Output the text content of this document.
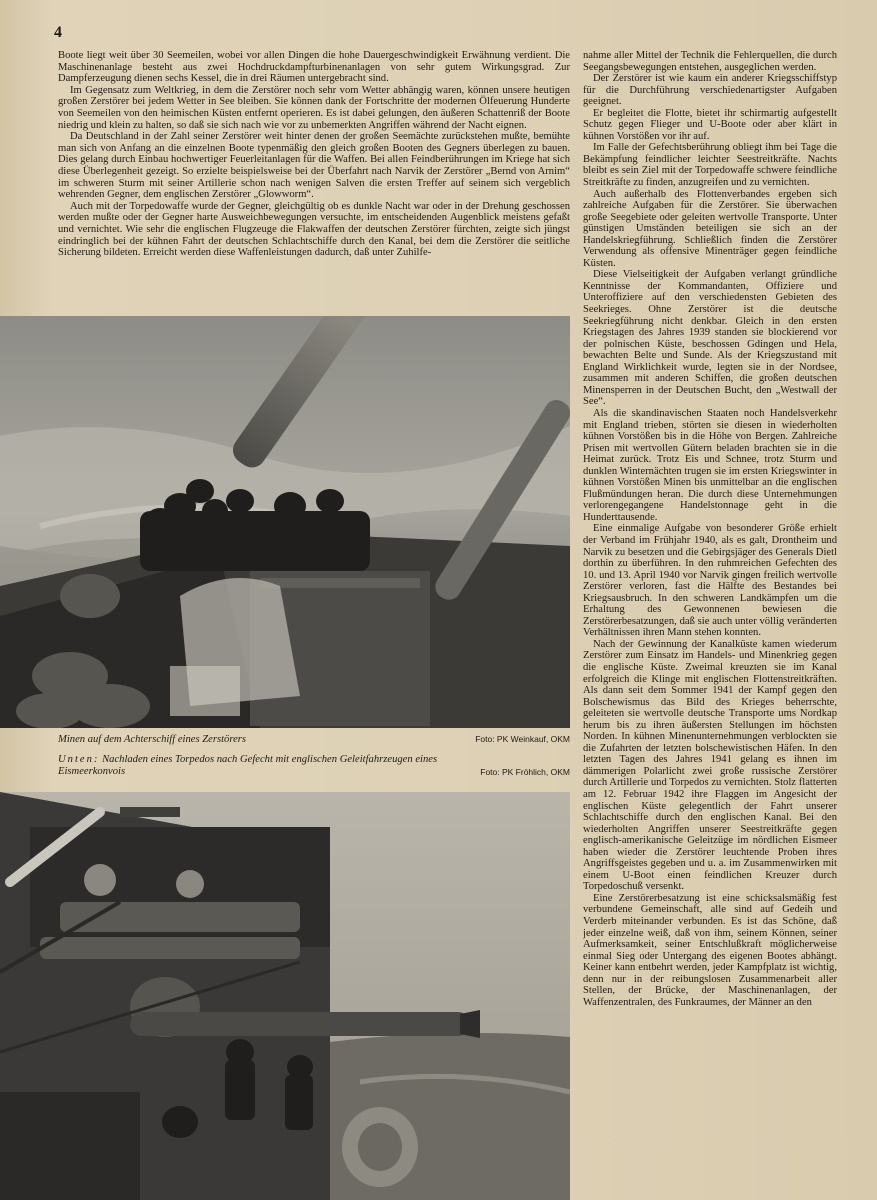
4

Boote liegt weit über 30 Seemeilen, wobei vor allen Dingen die hohe Dauergeschwindigkeit Erwähnung verdient. Die Maschinenanlage besteht aus zwei Hochdruckdampfturbinenanlagen von sehr gutem Wirkungsgrad. Zur Dampferzeugung dienen sechs Kessel, die in drei Räumen untergebracht sind.

Im Gegensatz zum Weltkrieg, in dem die Zerstörer noch sehr vom Wetter abhängig waren, können unsere heutigen großen Zerstörer bei jedem Wetter in See bleiben. Sie können dank der Fortschritte der modernen Ölfeuerung Hunderte von Seemeilen von den heimischen Küsten entfernt operieren. Es ist dabei gelungen, den äußeren Schattenriß der Boote niedrig und klein zu halten, so daß sie sich nach wie vor zu unbemerkten Angriffen während der Nacht eignen.

Da Deutschland in der Zahl seiner Zerstörer weit hinter denen der großen Seemächte zurückstehen mußte, bemühte man sich von Anfang an die einzelnen Boote typenmäßig den gleich großen Booten des Gegners überlegen zu bauen. Dies gelang durch Einbau hochwertiger Feuerleitanlagen für die Waffen. Bei allen Feindberührungen im Kriege hat sich diese Überlegenheit gezeigt. So erzielte beispielsweise bei der Überfahrt nach Narvik der Zerstörer „Bernd von Arnim“ im schweren Sturm mit seiner Artillerie schon nach wenigen Salven die ersten Treffer auf seinem sich vergeblich wehrenden Gegner, dem englischen Zerstörer „Glowworm“.

Auch mit der Torpedowaffe wurde der Gegner, gleichgültig ob es dunkle Nacht war oder in der Drehung geschossen werden mußte oder der Gegner harte Ausweichbewegungen versuchte, im entscheidenden Augenblick meistens gefaßt und vernichtet. Wie sehr die englischen Flugzeuge die Flakwaffen der deutschen Zerstörer fürchten, zeigte sich jüngst eindringlich bei der kühnen Fahrt der deutschen Schlachtschiffe durch den Kanal, bei dem die Zerstörer die seitliche Sicherung bildeten. Erreicht werden diese Waffenleistungen dadurch, daß unter Zuhilfe-

Minen auf dem Achterschiff eines Zerstörers	Foto: PK Weinkauf, OKM
Unten: Nachladen eines Torpedos nach Gefecht mit englischen Geleitfahrzeugen eines Eismeerkonvois	Foto: PK Fröhlich, OKM

nahme aller Mittel der Technik die Fehlerquellen, die durch Seegangsbewegungen entstehen, ausgeglichen werden.

Der Zerstörer ist wie kaum ein anderer Kriegsschiffstyp für die Durchführung verschiedenartigster Aufgaben geeignet.

Er begleitet die Flotte, bietet ihr schirmartig aufgestellt Schutz gegen Flieger und U-Boote oder aber klärt in kühnen Vorstößen vor ihr auf.

Im Falle der Gefechtsberührung obliegt ihm bei Tage die Bekämpfung feindlicher leichter Seestreitkräfte. Nachts bleibt es sein Ziel mit der Torpedowaffe schwere feindliche Streitkräfte zu finden, anzugreifen und zu vernichten.

Auch außerhalb des Flottenverbandes ergeben sich zahlreiche Aufgaben für die Zerstörer. Sie überwachen große Seegebiete oder geleiten wertvolle Transporte. Unter günstigen Umständen beteiligen sie sich an der Handelskriegführung. Schließlich finden die Zerstörer Verwendung als offensive Minenträger gegen feindliche Küsten.

Diese Vielseitigkeit der Aufgaben verlangt gründliche Kenntnisse der Kommandanten, Offiziere und Unteroffiziere auf den verschiedensten Gebieten des Seekrieges. Ohne Zerstörer ist die deutsche Seekriegführung nicht denkbar. Gleich in den ersten Kriegstagen des Jahres 1939 standen sie blockierend vor der polnischen Küste, beschossen Gdingen und Hela, bewachten Belte und Sunde. Als der Kriegszustand mit England Wirklichkeit wurde, legten sie in der Nordsee, zusammen mit anderen Schiffen, die großen deutschen Minensperren in der Deutschen Bucht, den „Westwall der See“.

Als die skandinavischen Staaten noch Handelsverkehr mit England trieben, störten sie diesen in wiederholten kühnen Vorstößen bis in die Höhe von Bergen. Zahlreiche Prisen mit wertvollen Gütern beladen brachten sie in die Heimat zurück. Trotz Eis und Schnee, trotz Sturm und dunklen Winternächten trugen sie im ersten Kriegswinter in kühnen Vorstößen Minen bis unmittelbar an die englischen Flußmündungen heran. Die durch diese Unternehmungen verlorengegangene Handelstonnage geht in die Hunderttausende.

Eine einmalige Aufgabe von besonderer Größe erhielt der Verband im Frühjahr 1940, als es galt, Drontheim und Narvik zu besetzen und die Gebirgsjäger des Generals Dietl dorthin zu überführen. In den ruhmreichen Gefechten des 10. und 13. April 1940 vor Narvik gingen freilich wertvolle Zerstörer verloren, fast die Hälfte des Bestandes bei Kriegsausbruch. In den schweren Landkämpfen um die Erhaltung des Gewonnenen bewiesen die Zerstörerbesatzungen, daß sie auch unter völlig veränderten Verhältnissen ihren Mann stehen konnten.

Nach der Gewinnung der Kanalküste kamen wiederum Zerstörer zum Einsatz im Handels- und Minenkrieg gegen die englische Küste. Zweimal kreuzten sie im Kanal erfolgreich die Klinge mit englischen Flottenstreitkräften. Als dann seit dem Sommer 1941 der Kampf gegen den Bolschewismus das Bild des Krieges beherrschte, geleiteten sie wertvolle deutsche Transporte ums Nordkap herum bis zu ihren äußersten Stellungen im höchsten Norden. In kühnen Minenunternehmungen verblockten sie die Zufahrten der letzten bolschewistischen Häfen. In den letzten Tagen des Jahres 1941 gelang es ihnen im dämmerigen Polarlicht zwei große russische Zerstörer durch Artillerie und Torpedos zu vernichten. Stolz flatterten am 12. Februar 1942 ihre Flaggen im Angesicht der englischen Küste gelegentlich der Fahrt unserer Schlachtschiffe durch den englischen Kanal. Bei den wiederholten Angriffen unserer Seestreitkräfte gegen englisch-amerikanische Geleitzüge im nördlichen Eismeer haben wieder die Zerstörer leuchtende Proben ihres Angriffsgeistes gegeben und u. a. im Zusammenwirken mit einem U-Boot einen feindlichen Kreuzer durch Torpedoschuß versenkt.

Eine Zerstörerbesatzung ist eine schicksalsmäßig fest verbundene Gemeinschaft, alle sind auf Gedeih und Verderb miteinander verbunden. Es ist das Schöne, daß jeder einzelne weiß, daß von ihm, seinem Können, seiner Aufmerksamkeit, seiner Entschlußkraft möglicherweise einmal Sieg oder Untergang des eigenen Bootes abhängt. Keiner kann entbehrt werden, jeder Kampfplatz ist wichtig, denn nur in der reibungslosen Zusammenarbeit aller Stellen, der Brücke, der Maschinenanlagen, der Waffenzentralen, des Funkraumes, der Männer an den
